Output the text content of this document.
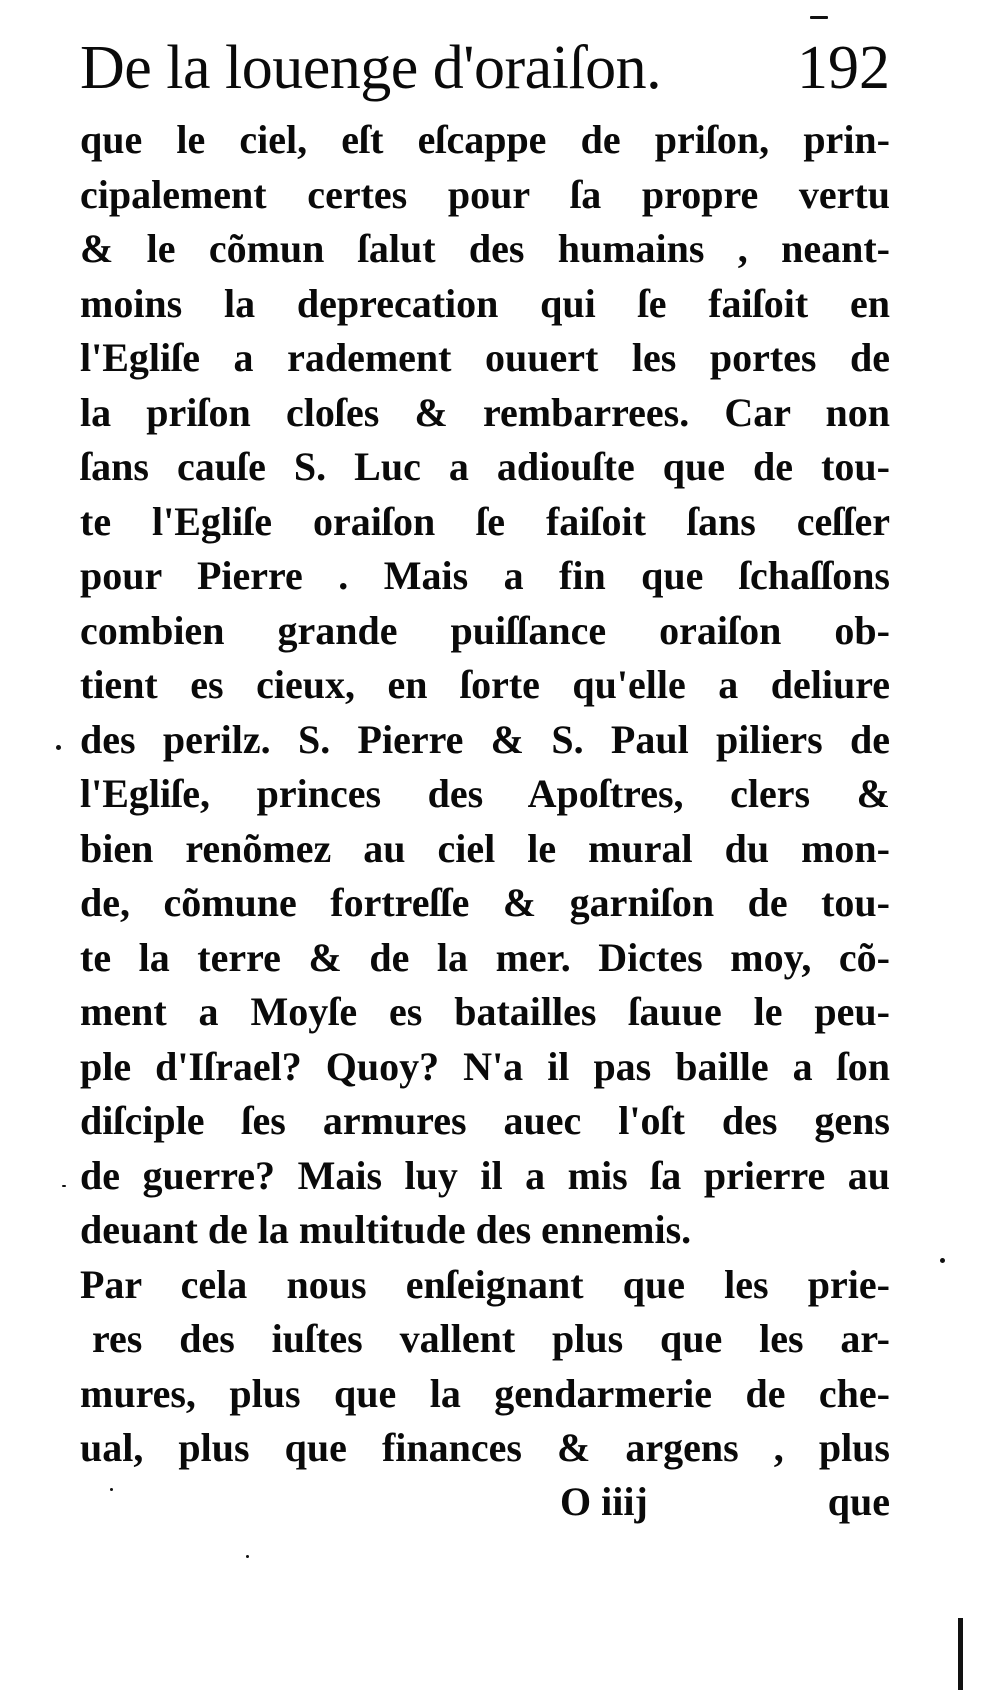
De la louenge d'oraiſon. 192
que le ciel, eſt eſcappe de priſon, prin-
cipalement certes pour ſa propre vertu
& le cõmun ſalut des humains , neant-
moins la deprecation qui ſe faiſoit en
l'Egliſe a radement ouuert les portes de
la priſon cloſes & rembarrees. Car non
ſans cauſe S. Luc a adiouſte que de tou-
te l'Egliſe oraiſon ſe faiſoit ſans ceſſer
pour Pierre . Mais a fin que ſchaſſons
combien grande puiſſance oraiſon ob-
tient es cieux, en ſorte qu'elle a deliure
des perilz. S. Pierre & S. Paul piliers de
l'Egliſe, princes des Apoſtres, clers &
bien renõmez au ciel le mural du mon-
de, cõmune fortreſſe & garniſon de tou-
te la terre & de la mer. Dictes moy, cõ-
ment a Moyſe es batailles ſauue le peu-
ple d'Iſrael? Quoy? N'a il pas baille a ſon
diſciple ſes armures auec l'oſt des gens
de guerre? Mais luy il a mis ſa prierre au
deuant de la multitude des ennemis.
Par cela nous enſeignant que les prie-
res des iuſtes vallent plus que les ar-
mures, plus que la gendarmerie de che-
ual, plus que finances & argens , plus
O iiij	que
